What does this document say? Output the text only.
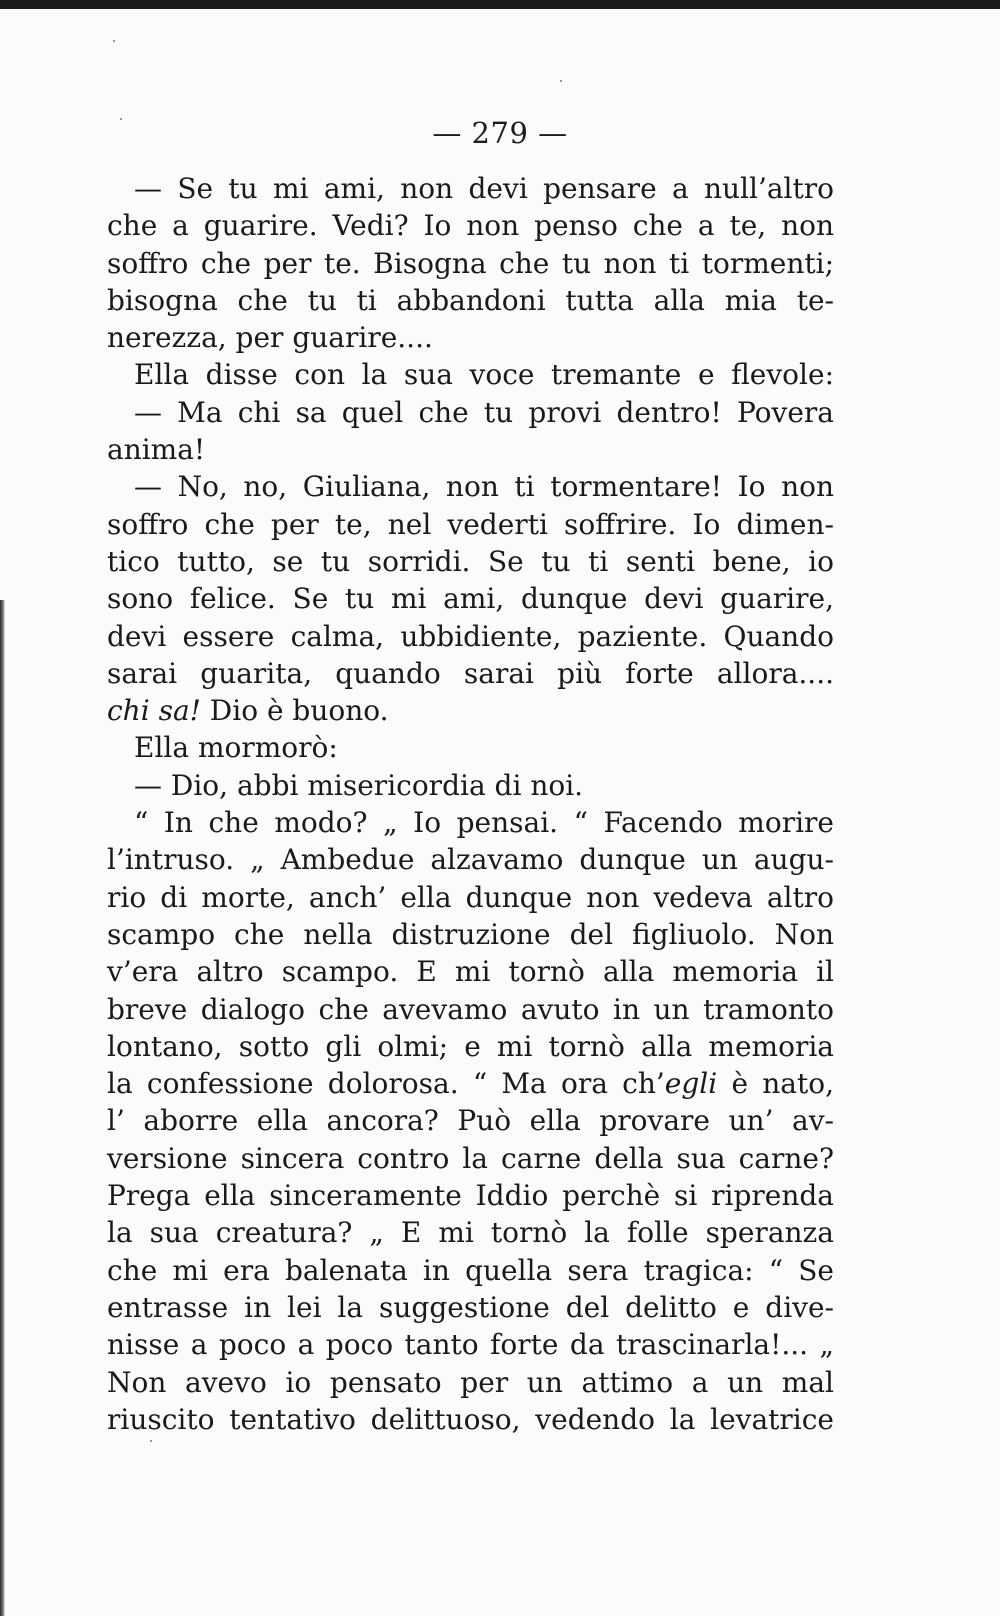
— 279 —
— Se tu mi ami, non devi pensare a null’altro
che a guarire. Vedi? Io non penso che a te, non
soffro che per te. Bisogna che tu non ti tormenti;
bisogna che tu ti abbandoni tutta alla mia te-
nerezza, per guarire....
Ella disse con la sua voce tremante e flevole:
— Ma chi sa quel che tu provi dentro! Povera
anima!
— No, no, Giuliana, non ti tormentare! Io non
soffro che per te, nel vederti soffrire. Io dimen-
tico tutto, se tu sorridi. Se tu ti senti bene, io
sono felice. Se tu mi ami, dunque devi guarire,
devi essere calma, ubbidiente, paziente. Quando
sarai guarita, quando sarai più forte allora....
chi sa! Dio è buono.
Ella mormorò:
— Dio, abbi misericordia di noi.
“ In che modo? „ Io pensai. “ Facendo morire
l’intruso. „ Ambedue alzavamo dunque un augu-
rio di morte, anch’ ella dunque non vedeva altro
scampo che nella distruzione del figliuolo. Non
v’era altro scampo. E mi tornò alla memoria il
breve dialogo che avevamo avuto in un tramonto
lontano, sotto gli olmi; e mi tornò alla memoria
la confessione dolorosa. “ Ma ora ch’egli è nato,
l’ aborre ella ancora? Può ella provare un’ av-
versione sincera contro la carne della sua carne?
Prega ella sinceramente Iddio perchè si riprenda
la sua creatura? „ E mi tornò la folle speranza
che mi era balenata in quella sera tragica: “ Se
entrasse in lei la suggestione del delitto e dive-
nisse a poco a poco tanto forte da trascinarla!... „
Non avevo io pensato per un attimo a un mal
riuscito tentativo delittuoso, vedendo la levatrice
